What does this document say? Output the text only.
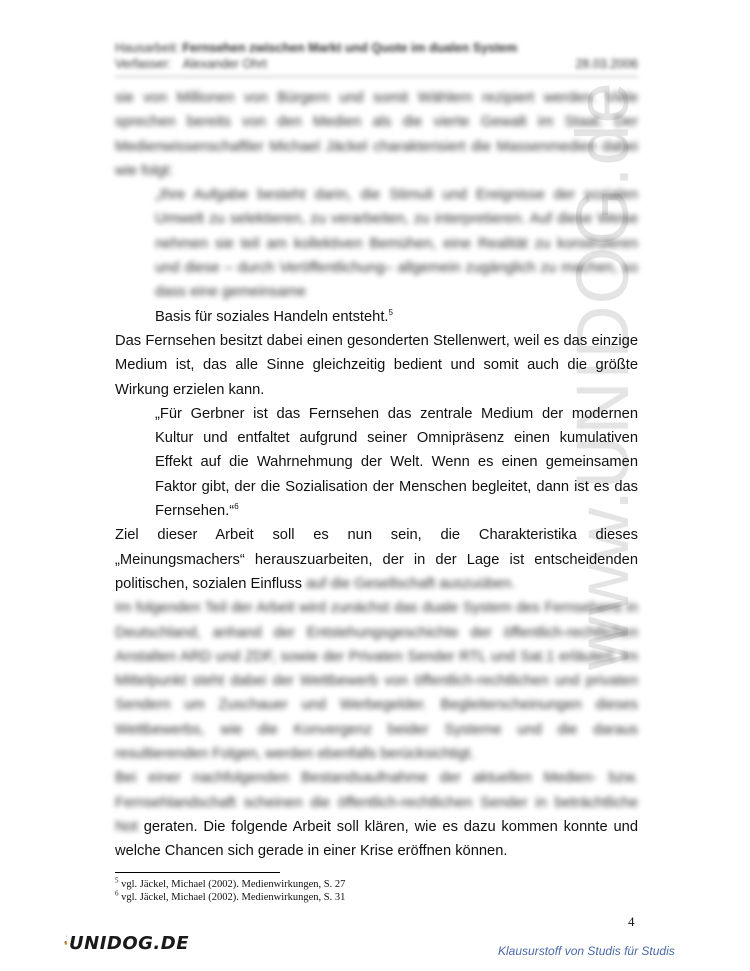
Hausarbeit: Fernsehen zwischen Markt und Quote im dualen System
Verfasser: Alexander Ohrt	28.03.2006
www.UNIDOG.de

sie von Millionen von Bürgern und somit Wählern rezipiert werden. Viele sprechen bereits von den Medien als die vierte Gewalt im Staat. Der Medienwissenschaftler Michael Jäckel charakterisiert die Massenmedien dabei wie folgt:

„Ihre Aufgabe besteht darin, die Stimuli und Ereignisse der sozialen Umwelt zu selektieren, zu verarbeiten, zu interpretieren. Auf diese Weise nehmen sie teil am kollektiven Bemühen, eine Realität zu konstruieren und diese – durch Veröffentlichung– allgemein zugänglich zu machen, so dass eine gemeinsame
Basis für soziales Handeln entsteht.$^5$

Das Fernsehen besitzt dabei einen gesonderten Stellenwert, weil es das einzige Medium ist, das alle Sinne gleichzeitig bedient und somit auch die größte Wirkung erzielen kann.

„Für Gerbner ist das Fernsehen das zentrale Medium der modernen Kultur und entfaltet aufgrund seiner Omnipräsenz einen kumulativen Effekt auf die Wahrnehmung der Welt. Wenn es einen gemeinsamen Faktor gibt, der die Sozialisation der Menschen begleitet, dann ist es das Fernsehen.“$^6$

Ziel dieser Arbeit soll es nun sein, die Charakteristika dieses „Meinungsmachers“ herauszuarbeiten, der in der Lage ist entscheidenden politischen, sozialen Einfluss auf die Gesellschaft auszuüben.

Im folgenden Teil der Arbeit wird zunächst das duale System des Fernsehens in Deutschland, anhand der Entstehungsgeschichte der öffentlich-rechtlichen Anstalten ARD und ZDF, sowie der Privaten Sender RTL und Sat.1 erläutert. Im Mittelpunkt steht dabei der Wettbewerb von öffentlich-rechtlichen und privaten Sendern um Zuschauer und Werbegelder. Begleiterscheinungen dieses Wettbewerbs, wie die Konvergenz beider Systeme und die daraus resultierenden Folgen, werden ebenfalls berücksichtigt.

Bei einer nachfolgenden Bestandsaufnahme der aktuellen Medien- bzw. Fernsehlandschaft scheinen die öffentlich-rechtlichen Sender in beträchtliche Not geraten. Die folgende Arbeit soll klären, wie es dazu kommen konnte und welche Chancen sich gerade in einer Krise eröffnen können.

$^5$ vgl. Jäckel, Michael (2002). Medienwirkungen, S. 27
$^6$ vgl. Jäckel, Michael (2002). Medienwirkungen, S. 31
4
UNIDOG.DE	Klausurstoff von Studis für Studis
